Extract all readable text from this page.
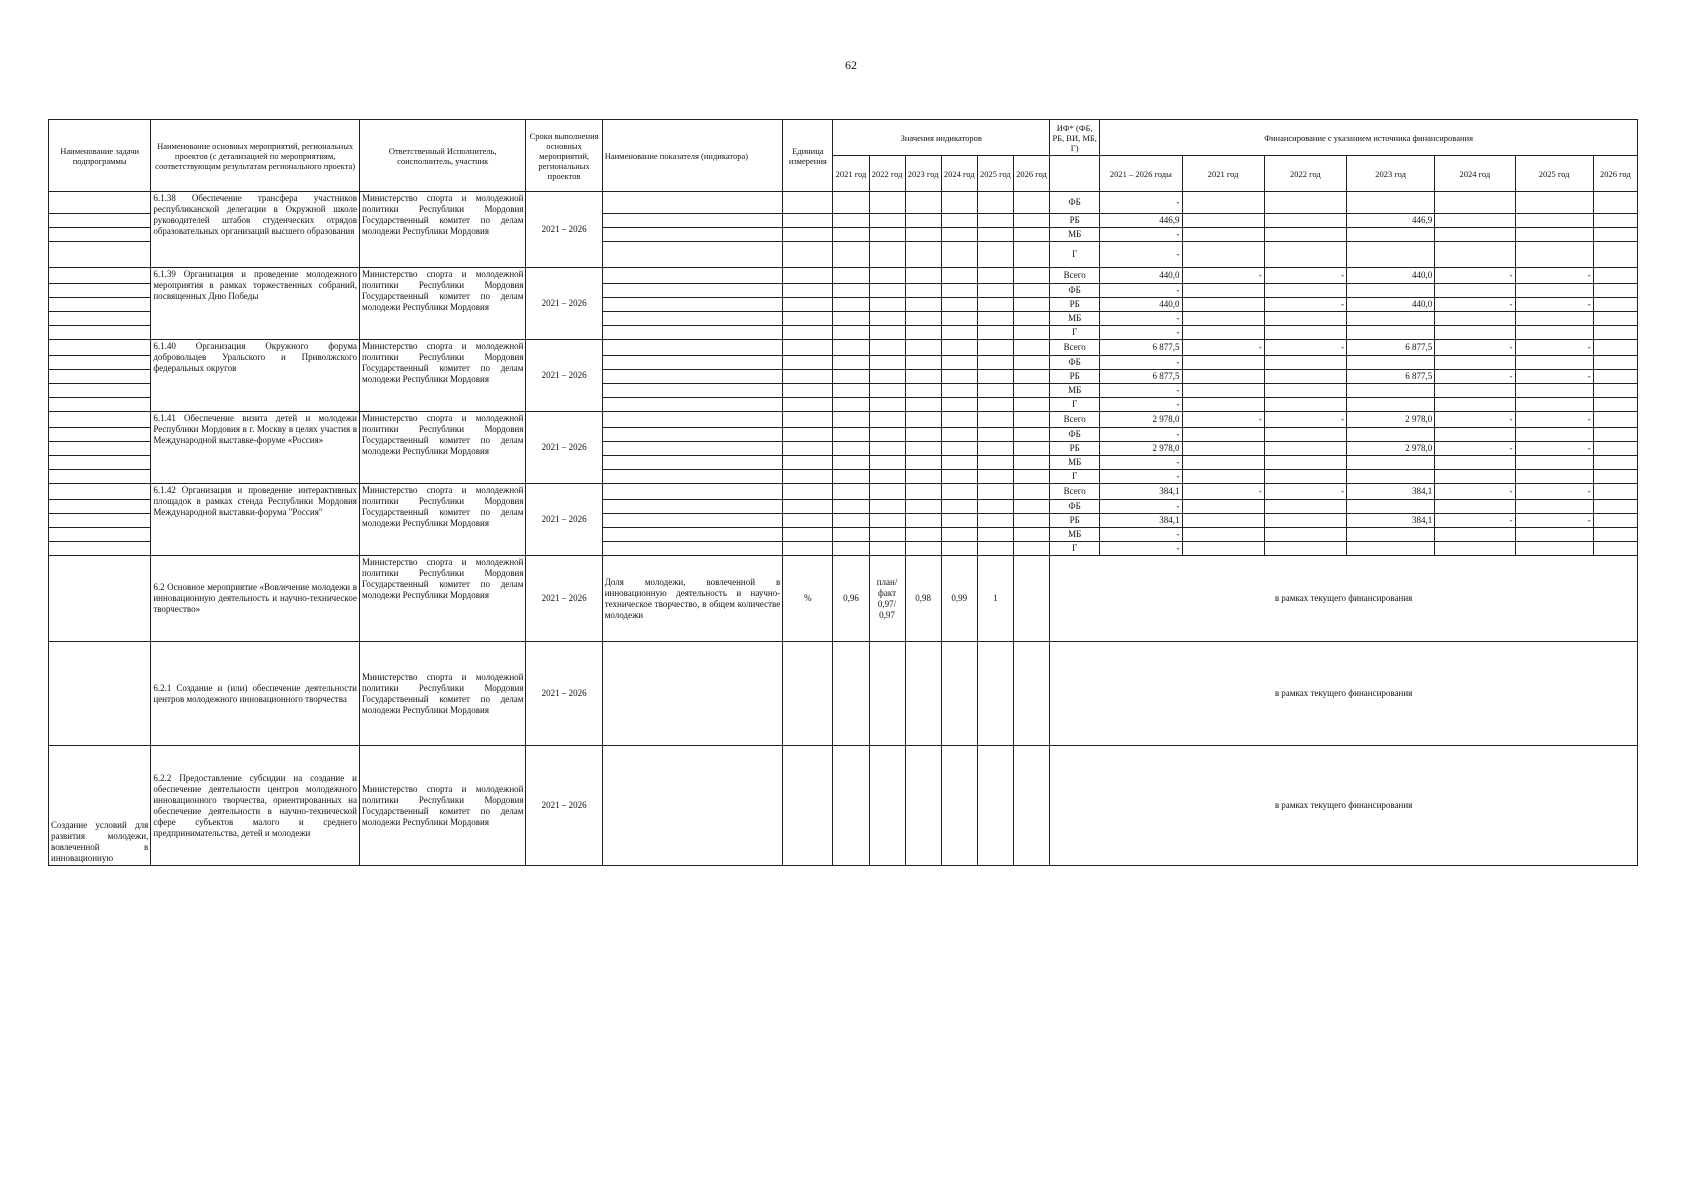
62
Наименование задачи подпрограммы	Наименование основных мероприятий, региональных проектов (с детализацией по мероприятиям, соответствующим результатам регионального проекта)	Ответственный Исполнитель, соисполнитель, участник	Сроки выполнения основных мероприятий, региональных проектов	Наименование показателя (индикатора)	Единица измерения	Значения индикаторов						ИФ* (ФБ, РБ, ВИ, МБ, Г)	Финансирование с указанием источника финансирования						
						2021 год	2022 год	2023 год	2024 год	2025 год	2026 год		2021 – 2026 годы	2021 год	2022 год	2023 год	2024 год	2025 год	2026 год
	6.1.38 Обеспечение трансфера участников республиканской делегации в Окружной школе руководителей штабов студенческих отрядов образовательных организаций высшего образования	Министерство спорта и молодежной политики Республики Мордовия Государственный комитет по делам молодежи Республики Мордовия	2021 – 2026									ФБ	-						
												РБ	446,9			446,9			
												МБ	-						
												Г	-						
	6.1.39 Организация и проведение молодежного мероприятия в рамках торжественных собраний, посвященных Дню Победы	Министерство спорта и молодежной политики Республики Мордовия Государственный комитет по делам молодежи Республики Мордовия	2021 – 2026									Всего	440,0	-	-	440,0	-	-	
												ФБ	-						
												РБ	440,0		-	440,0	-	-	
												МБ	-						
												Г	-						
	6.1.40 Организация Окружного форума добровольцев Уральского и Приволжского федеральных округов	Министерство спорта и молодежной политики Республики Мордовия Государственный комитет по делам молодежи Республики Мордовия	2021 – 2026									Всего	6 877,5	-	-	6 877,5	-	-	
												ФБ	-						
												РБ	6 877,5			6 877,5	-	-	
												МБ	-						
												Г	-						
	6.1.41 Обеспечение визита детей и молодежи Республики Мордовия в г. Москву в целях участия в Международной выставке-форуме «Россия»	Министерство спорта и молодежной политики Республики Мордовия Государственный комитет по делам молодежи Республики Мордовия	2021 – 2026									Всего	2 978,0	-	-	2 978,0	-	-	
												ФБ	-						
												РБ	2 978,0			2 978,0	-	-	
												МБ	-						
												Г	-						
	6.1.42 Организация и проведение интерактивных площадок в рамках стенда Республики Мордовия Международной выставки-форума "Россия"	Министерство спорта и молодежной политики Республики Мордовия Государственный комитет по делам молодежи Республики Мордовия	2021 – 2026									Всего	384,1	-	-	384,1	-	-	
												ФБ	-						
												РБ	384,1			384,1	-	-	
												МБ	-						
												Г	-						
	6.2 Основное мероприятие «Вовлечение молодежи в инновационную деятельность и научно-техническое творчество»	Министерство спорта и молодежной политики Республики Мордовия Государственный комитет по делам молодежи Республики Мордовия	2021 – 2026	Доля молодежи, вовлеченной в инновационную деятельность и научно-техническое творчество, в общем количестве молодежи	%	0,96	план/ факт 0,97/ 0,97	0,98	0,99	1		в рамках текущего финансирования							
	6.2.1 Создание и (или) обеспечение деятельности центров молодежного инновационного творчества	Министерство спорта и молодежной политики Республики Мордовия Государственный комитет по делам молодежи Республики Мордовия	2021 – 2026									в рамках текущего финансирования							
Создание условий для развития молодежи, вовлеченной в инновационную	6.2.2 Предоставление субсидии на создание и обеспечение деятельности центров молодежного инновационного творчества, ориентированных на обеспечение деятельности в научно-технической сфере субъектов малого и среднего предпринимательства, детей и молодежи	Министерство спорта и молодежной политики Республики Мордовия Государственный комитет по делам молодежи Республики Мордовия	2021 – 2026									в рамках текущего финансирования							
